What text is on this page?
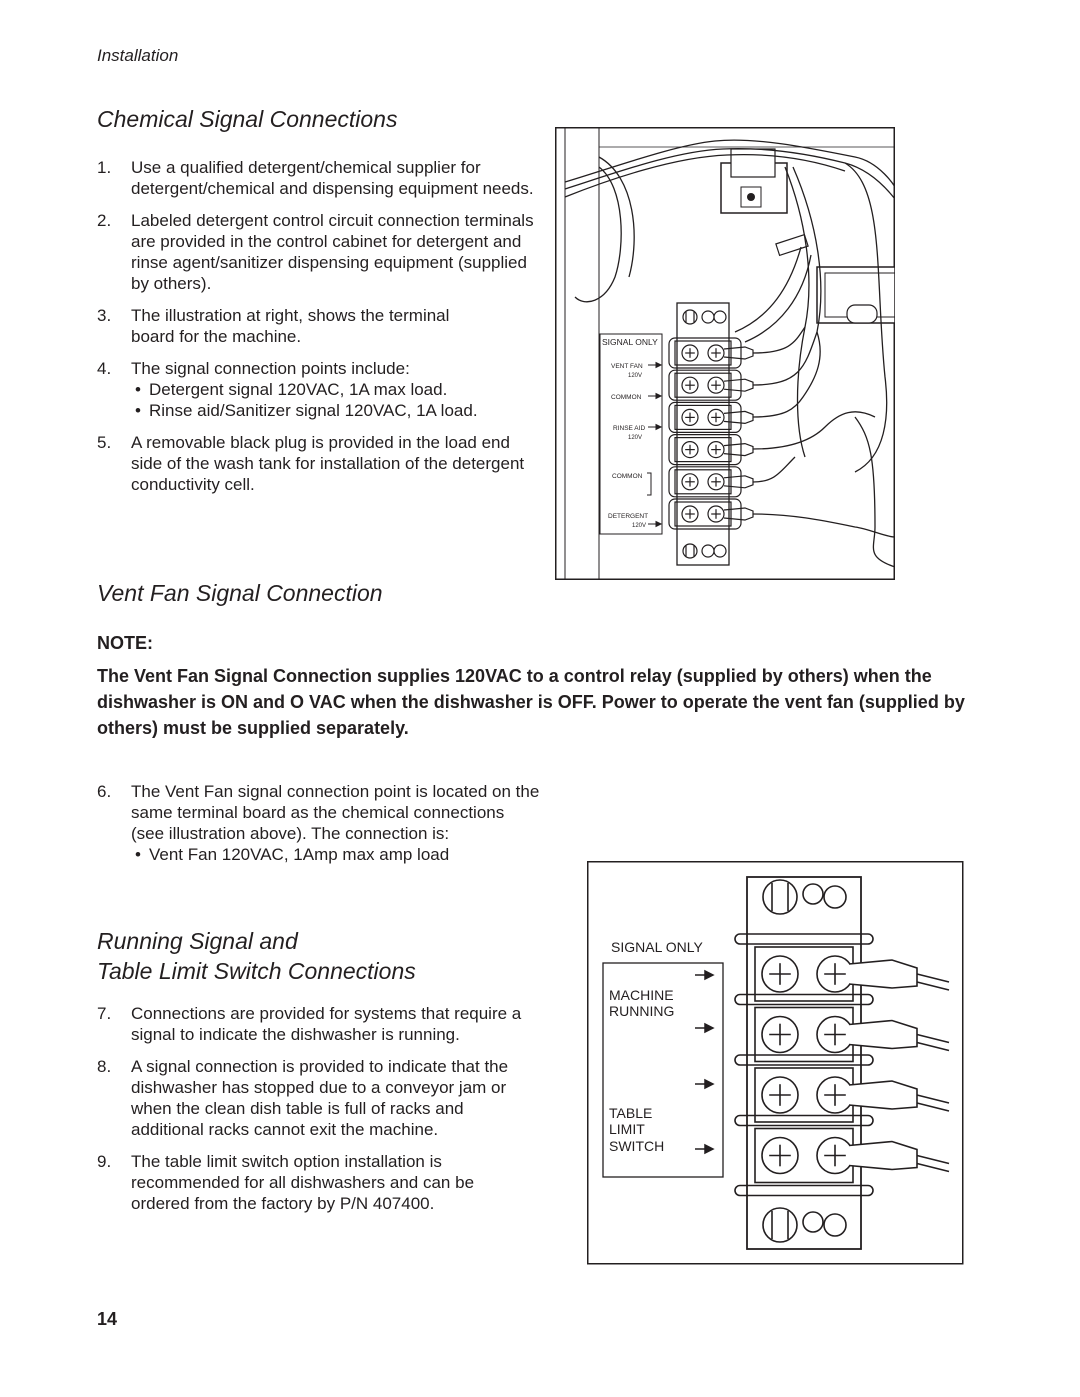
Installation
Chemical Signal Connections
1. Use a qualified detergent/chemical supplier for detergent/chemical and dispensing equipment needs.
2. Labeled detergent control circuit connection terminals are provided in the control cabinet for detergent and rinse agent/sanitizer dispensing equipment (supplied by others).
3. The illustration at right, shows the terminal board for the machine.
4. The signal connection points include:
• Detergent signal 120VAC, 1A max load.
• Rinse aid/Sanitizer signal 120VAC, 1A load.
5. A removable black plug is provided in the load end side of the wash tank for installation of the detergent conductivity cell.
SIGNAL ONLY
VENT FAN
120V
COMMON
RINSE AID
120V
COMMON
DETERGENT
120V
Vent Fan Signal Connection
NOTE:
The Vent Fan Signal Connection supplies 120VAC to a control relay (supplied by others) when the dishwasher is ON and O VAC when the dishwasher is OFF. Power to operate the vent fan (supplied by others) must be supplied separately.
6. The Vent Fan signal connection point is located on the same terminal board as the chemical connections (see illustration above). The connection is:
• Vent Fan 120VAC, 1Amp max amp load
Running Signal and
Table Limit Switch Connections
7. Connections are provided for systems that require a signal to indicate the dishwasher is running.
8. A signal connection is provided to indicate that the dishwasher has stopped due to a conveyor jam or when the clean dish table is full of racks and additional racks cannot exit the machine.
9. The table limit switch option installation is recommended for all dishwashers and can be ordered from the factory by P/N 407400.
SIGNAL ONLY
MACHINE
RUNNING
TABLE
LIMIT
SWITCH
14
